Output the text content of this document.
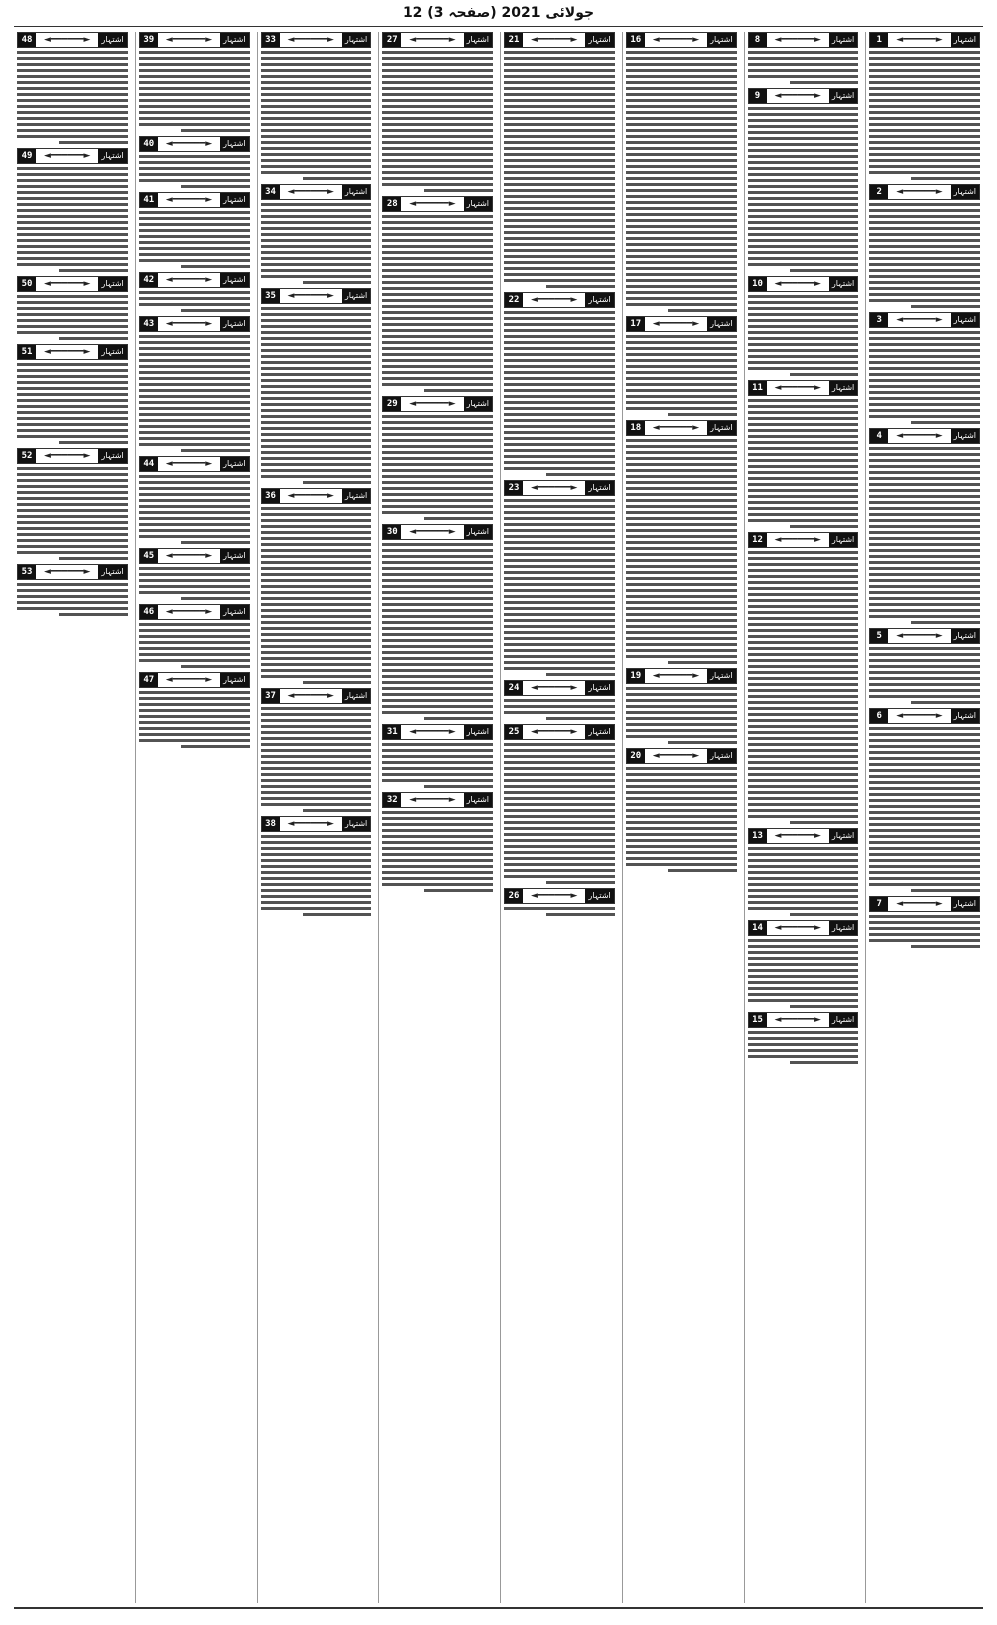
12 جولائی 2021 (صفحہ 3)
اشتہار
◄━━━━━━►
1
اشتہار
◄━━━━━━►
2
اشتہار
◄━━━━━━►
3
اشتہار
◄━━━━━━►
4
اشتہار
◄━━━━━━►
5
اشتہار
◄━━━━━━►
6
اشتہار
◄━━━━━━►
7
اشتہار
◄━━━━━━►
8
اشتہار
◄━━━━━━►
9
اشتہار
◄━━━━━━►
10
اشتہار
◄━━━━━━►
11
اشتہار
◄━━━━━━►
12
اشتہار
◄━━━━━━►
13
اشتہار
◄━━━━━━►
14
اشتہار
◄━━━━━━►
15
اشتہار
◄━━━━━━►
16
اشتہار
◄━━━━━━►
17
اشتہار
◄━━━━━━►
18
اشتہار
◄━━━━━━►
19
اشتہار
◄━━━━━━►
20
اشتہار
◄━━━━━━►
21
اشتہار
◄━━━━━━►
22
اشتہار
◄━━━━━━►
23
اشتہار
◄━━━━━━►
24
اشتہار
◄━━━━━━►
25
اشتہار
◄━━━━━━►
26
اشتہار
◄━━━━━━►
27
اشتہار
◄━━━━━━►
28
اشتہار
◄━━━━━━►
29
اشتہار
◄━━━━━━►
30
اشتہار
◄━━━━━━►
31
اشتہار
◄━━━━━━►
32
اشتہار
◄━━━━━━►
33
اشتہار
◄━━━━━━►
34
اشتہار
◄━━━━━━►
35
اشتہار
◄━━━━━━►
36
اشتہار
◄━━━━━━►
37
اشتہار
◄━━━━━━►
38
اشتہار
◄━━━━━━►
39
اشتہار
◄━━━━━━►
40
اشتہار
◄━━━━━━►
41
اشتہار
◄━━━━━━►
42
اشتہار
◄━━━━━━►
43
اشتہار
◄━━━━━━►
44
اشتہار
◄━━━━━━►
45
اشتہار
◄━━━━━━►
46
اشتہار
◄━━━━━━►
47
اشتہار
◄━━━━━━►
48
اشتہار
◄━━━━━━►
49
اشتہار
◄━━━━━━►
50
اشتہار
◄━━━━━━►
51
اشتہار
◄━━━━━━►
52
اشتہار
◄━━━━━━►
53
